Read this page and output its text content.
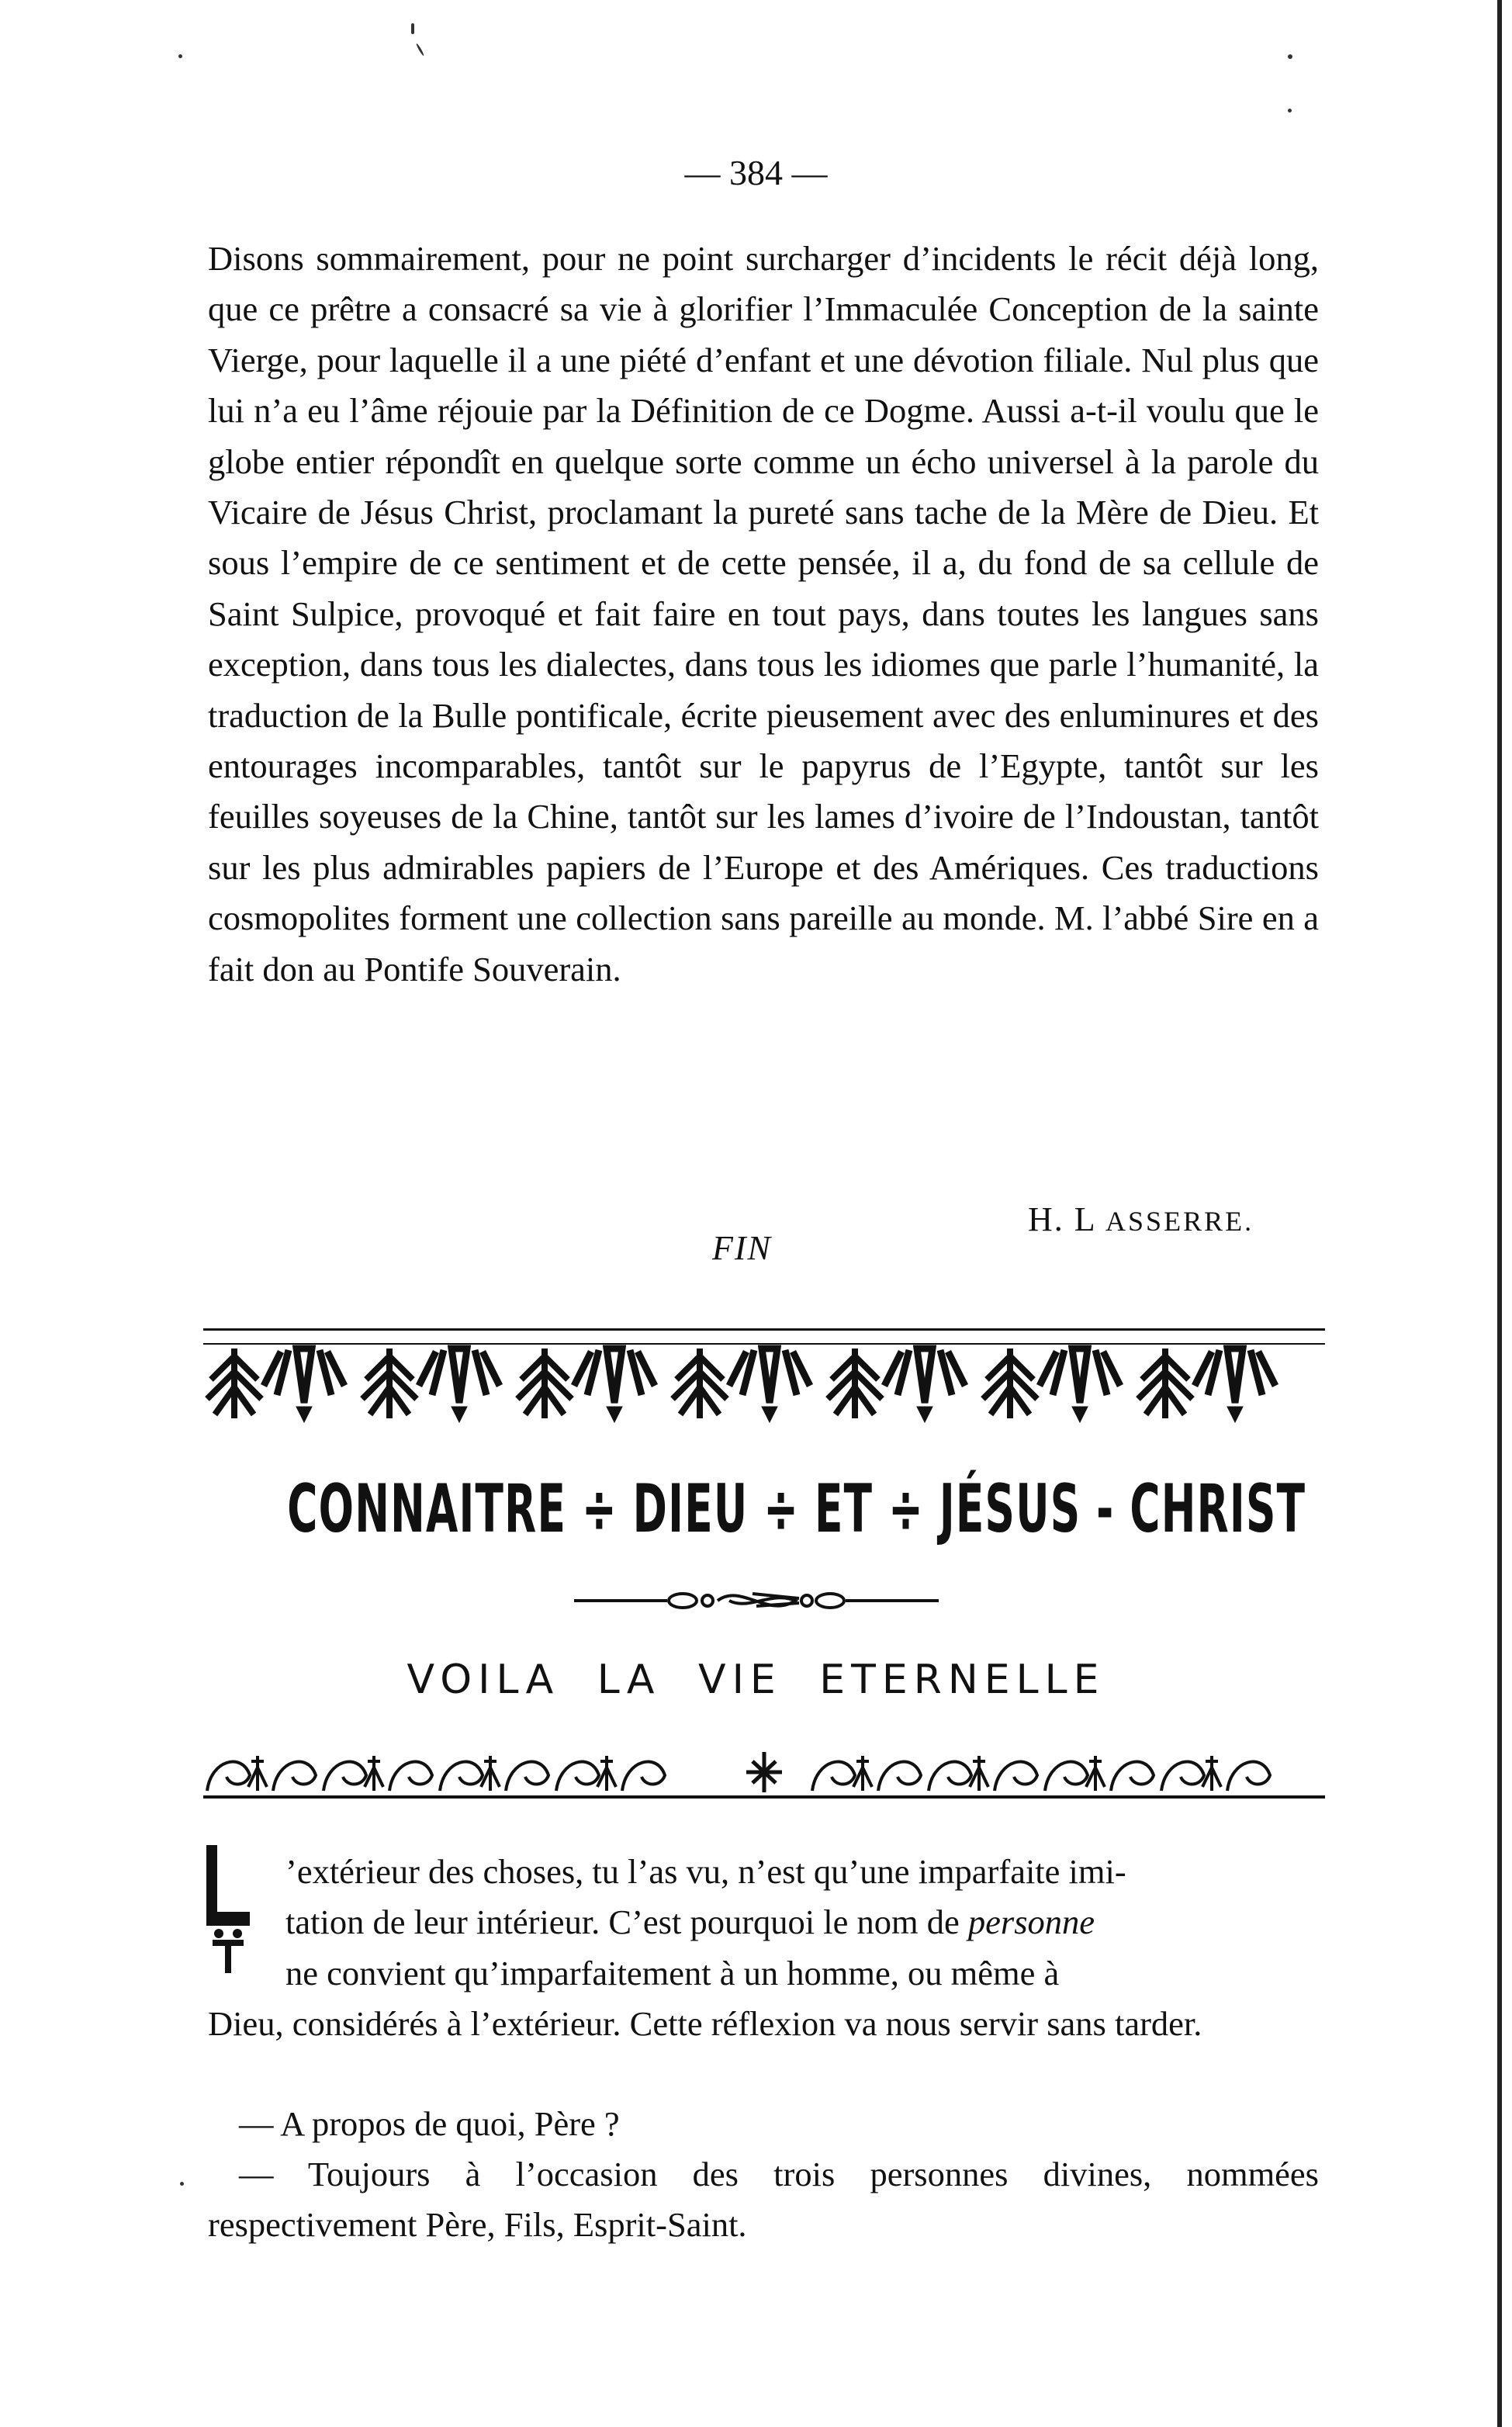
— 384 —

Disons sommairement, pour ne point surcharger d’incidents le récit déjà long, que ce prêtre a consacré sa vie à glorifier l’Immaculée Conception de la sainte Vierge, pour laquelle il a une piété d’enfant et une dévotion filiale. Nul plus que lui n’a eu l’âme réjouie par la Définition de ce Dogme. Aussi a-t-il voulu que le globe entier répondît en quelque sorte comme un écho universel à la parole du Vicaire de Jésus Christ, proclamant la pureté sans tache de la Mère de Dieu. Et sous l’empire de ce sentiment et de cette pensée, il a, du fond de sa cellule de Saint Sulpice, provoqué et fait faire en tout pays, dans toutes les langues sans exception, dans tous les dialectes, dans tous les idiomes que parle l’humanité, la traduction de la Bulle pontificale, écrite pieusement avec des enluminures et des entourages incomparables, tantôt sur le papyrus de l’Egypte, tantôt sur les feuilles soyeuses de la Chine, tantôt sur les lames d’ivoire de l’Indoustan, tantôt sur les plus admirables papiers de l’Europe et des Amériques. Ces traductions cosmopolites forment une collection sans pareille au monde. M. l’abbé Sire en a fait don au Pontife Souverain.

H. L ASSERRE.
FIN
CONNAITRE ÷ DIEU ÷ ET ÷ JÉSUS - CHRIST
VOILA LA VIE ETERNELLE

’extérieur des choses, tu l’as vu, n’est qu’une imparfaite imi-
tation de leur intérieur. C’est pourquoi le nom de personne
ne convient qu’imparfaitement à un homme, ou même à
Dieu, considérés à l’extérieur. Cette réflexion va nous servir sans tarder.

— A propos de quoi, Père ?
— Toujours à l’occasion des trois personnes divines, nommées respectivement Père, Fils, Esprit-Saint.
